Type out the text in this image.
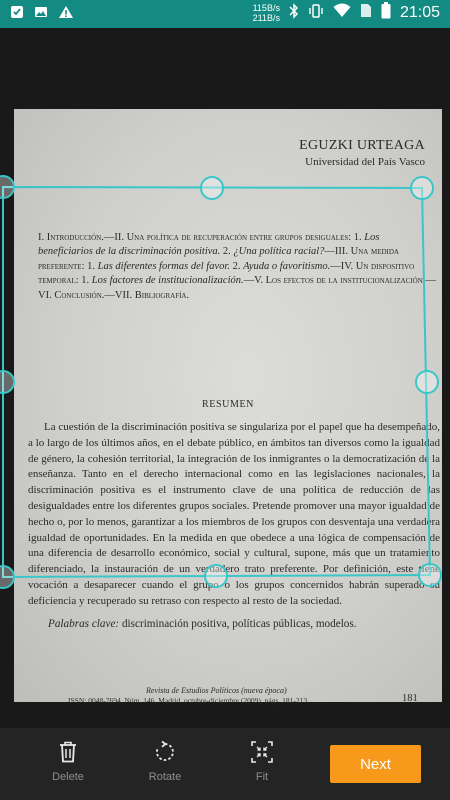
115B/s
211B/s	21:05
EGUZKI URTEAGA
Universidad del País Vasco
I. Introducción.—II. Una política de recuperación entre grupos desiguales: 1. Los beneficiarios de la discriminación positiva. 2. ¿Una política racial?—III. Una medida preferente: 1. Las diferentes formas del favor. 2. Ayuda o favoritismo.—IV. Un dispositivo temporal: 1. Los factores de institucionalización.—V. Los efectos de la institucionalización.—VI. Conclusión.—VII. Bibliografía.
RESUMEN
La cuestión de la discriminación positiva se singulariza por el papel que ha desempeñado, a lo largo de los últimos años, en el debate público, en ámbitos tan diversos como la igualdad de género, la cohesión territorial, la integración de los inmigrantes o la democratización de la enseñanza. Tanto en el derecho internacional como en las legislaciones nacionales, la discriminación positiva es el instrumento clave de una política de reducción de las desigualdades entre los diferentes grupos sociales. Pretende promover una mayor igualdad de hecho o, por lo menos, garantizar a los miembros de los grupos con desventaja una verdadera igualdad de oportunidades. En la medida en que obedece a una lógica de compensación de una diferencia de desarrollo económico, social y cultural, supone, más que un tratamiento diferenciado, la instauración de un verdadero trato preferente. Por definición, este tiene vocación a desaparecer cuando el grupo o los grupos concernidos habrán superado su deficiencia y recuperado su retraso con respecto al resto de la sociedad.
Palabras clave: discriminación positiva, políticas públicas, modelos.
Revista de Estudios Políticos (nueva época)
ISSN: 0048-7694, Núm. 146, Madrid, octubre-diciembre (2009), págs. 181-213	181
Delete	Rotate	Fit
Next
